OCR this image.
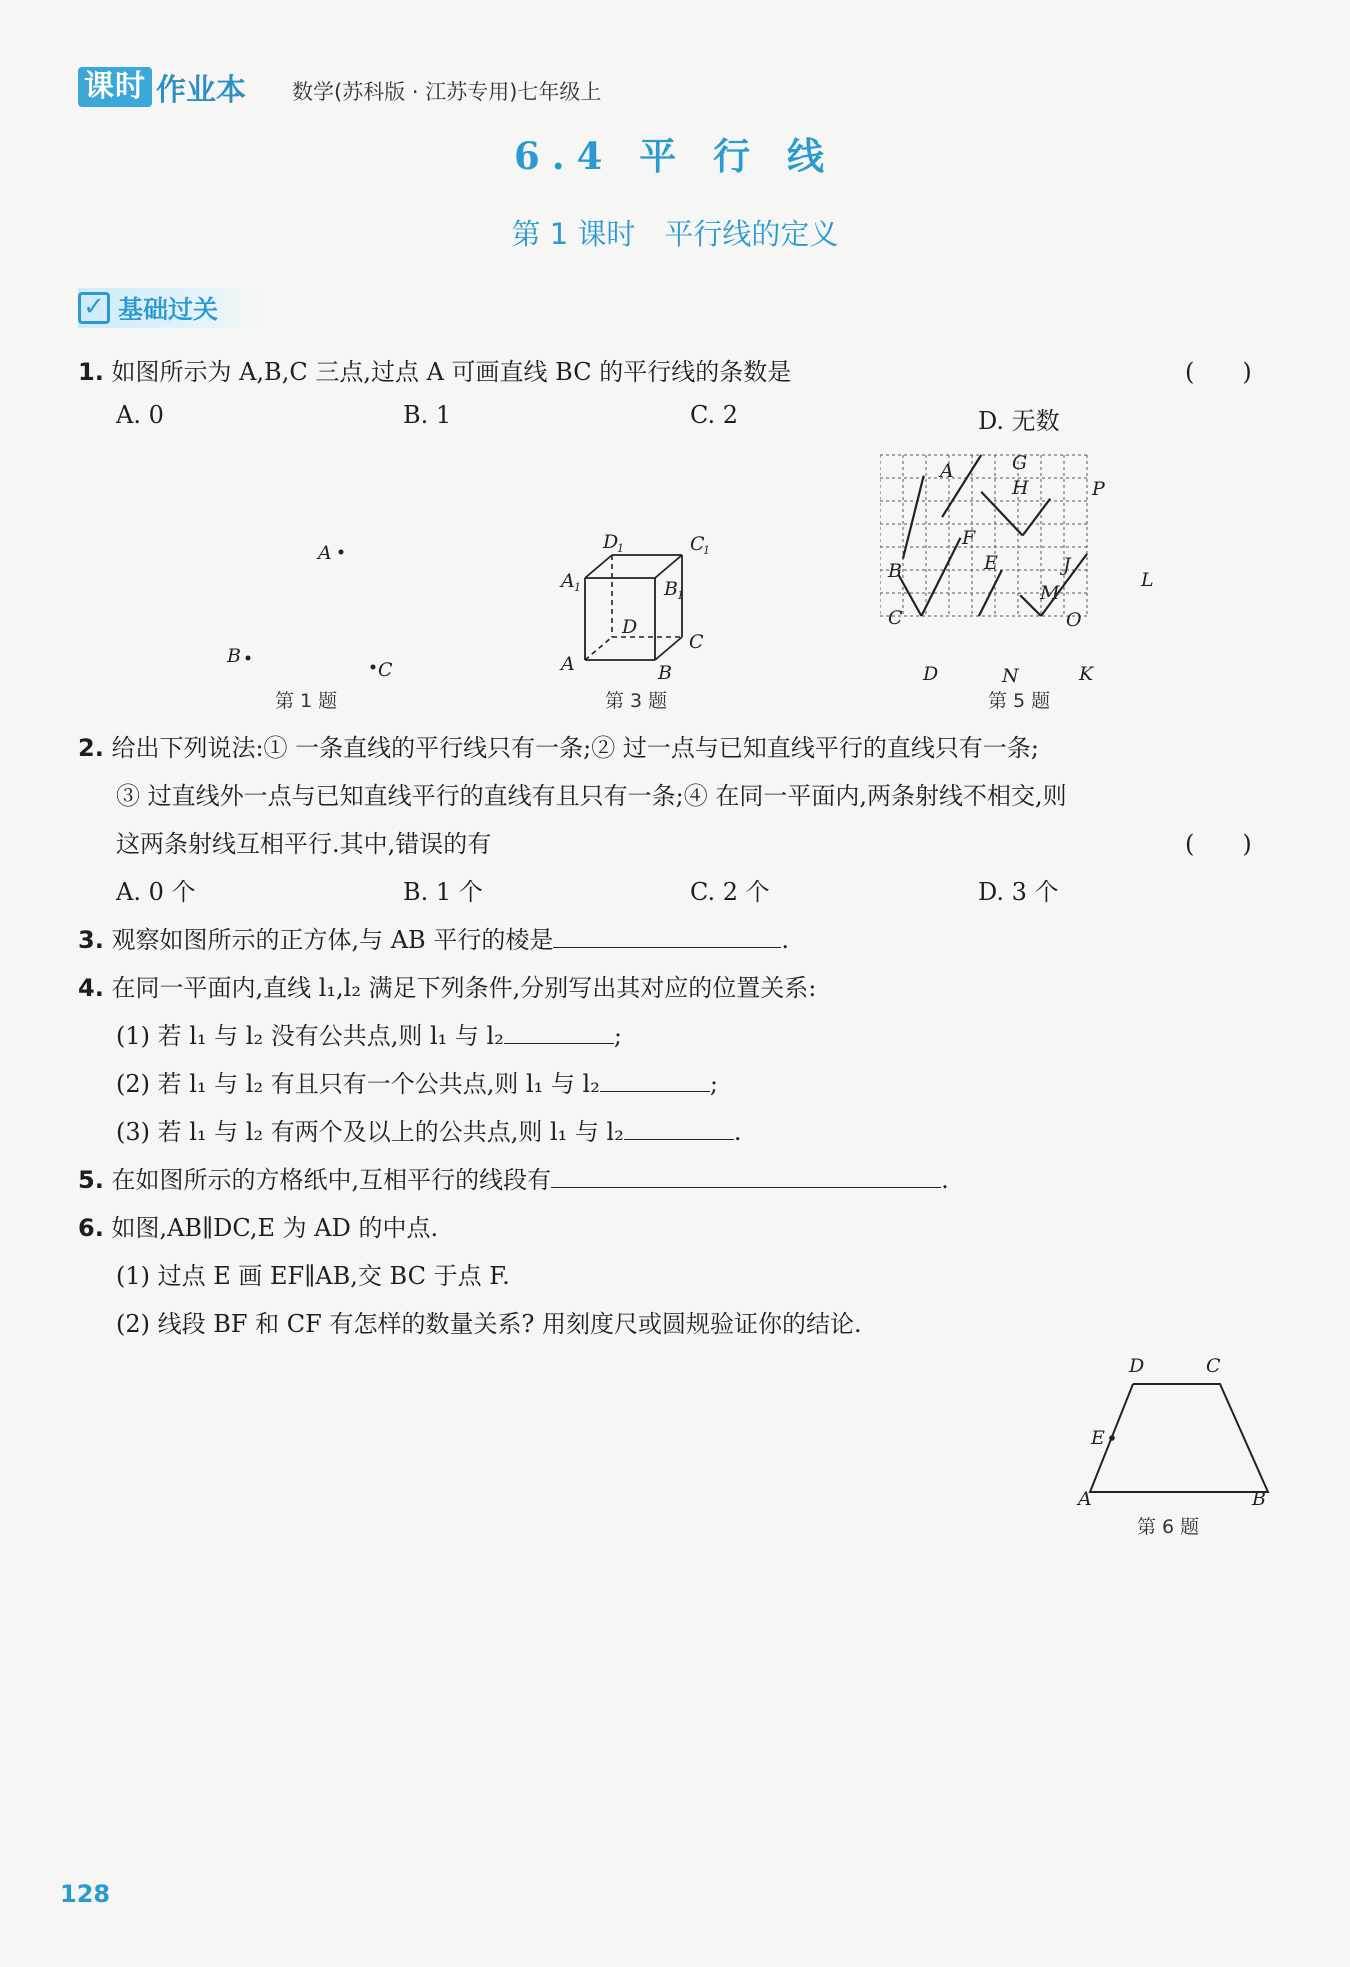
课时 作业本 数学(苏科版 · 江苏专用)七年级上
6.4 平 行 线
第 1 课时　平行线的定义
✓ 基础过关
1. 如图所示为 A,B,C 三点,过点 A 可画直线 BC 的平行线的条数是	(　　)
A. 0	B. 1	C. 2	D. 无数
A
B
C
第 1 题
D
1	C
1
A 1	B 1
D
A	B
C
第 3 题
A	G
H	P
F
B	E	J
L
M
C	O
D	N	K
第 5 题
2. 给出下列说法:① 一条直线的平行线只有一条;② 过一点与已知直线平行的直线只有一条;
③ 过直线外一点与已知直线平行的直线有且只有一条;④ 在同一平面内,两条射线不相交,则
这两条射线互相平行.其中,错误的有	(　　)
A. 0 个	B. 1 个	C. 2 个	D. 3 个
3. 观察如图所示的正方体,与 AB 平行的棱是	.
4. 在同一平面内,直线 l₁,l₂ 满足下列条件,分别写出其对应的位置关系:
(1) 若 l₁ 与 l₂ 没有公共点,则 l₁ 与 l₂	;
(2) 若 l₁ 与 l₂ 有且只有一个公共点,则 l₁ 与 l₂	;
(3) 若 l₁ 与 l₂ 有两个及以上的公共点,则 l₁ 与 l₂	.
5. 在如图所示的方格纸中,互相平行的线段有	.
6. 如图,AB∥DC,E 为 AD 的中点.
(1) 过点 E 画 EF∥AB,交 BC 于点 F.
(2) 线段 BF 和 CF 有怎样的数量关系? 用刻度尺或圆规验证你的结论.
D	C
E
A	B
第 6 题
128
